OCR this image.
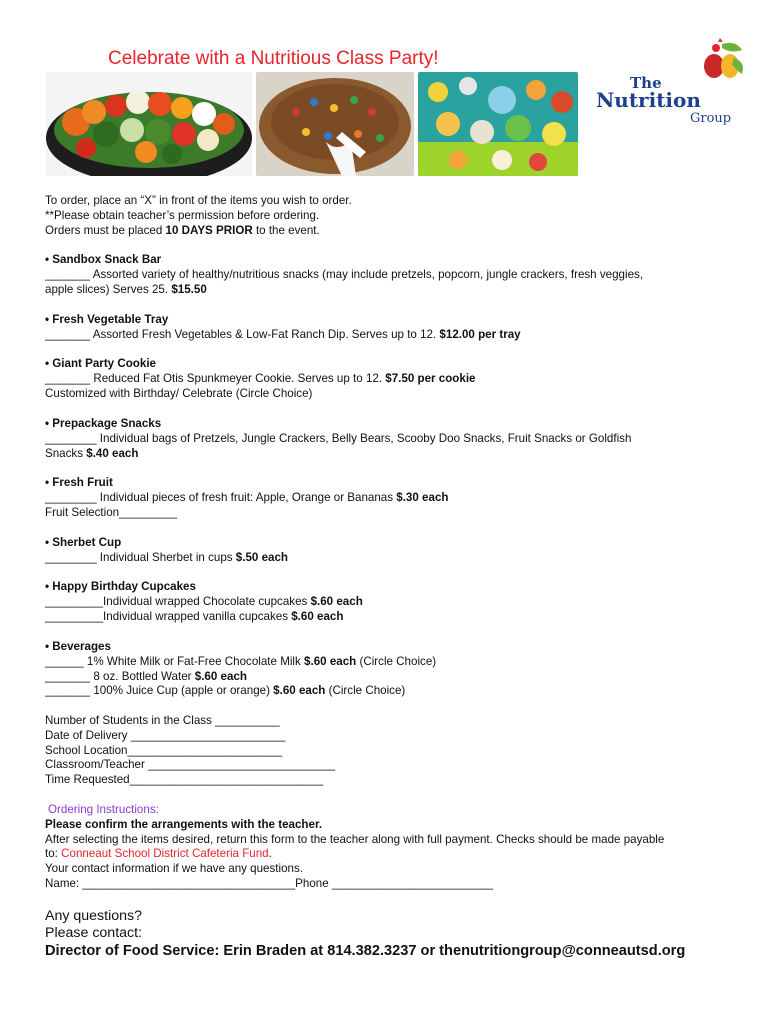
Celebrate with a Nutritious Class Party!
The
Nutrition
Group
To order, place an “X” in front of the items you wish to order.
**Please obtain teacher’s permission before ordering.
Orders must be placed 10 DAYS PRIOR to the event.
• Sandbox Snack Bar
_______ Assorted variety of healthy/nutritious snacks (may include pretzels, popcorn, jungle crackers, fresh veggies,
apple slices) Serves 25. $15.50
• Fresh Vegetable Tray
_______ Assorted Fresh Vegetables & Low-Fat Ranch Dip. Serves up to 12. $12.00 per tray
• Giant Party Cookie
_______ Reduced Fat Otis Spunkmeyer Cookie. Serves up to 12. $7.50 per cookie
Customized with Birthday/ Celebrate (Circle Choice)
• Prepackage Snacks
________ Individual bags of Pretzels, Jungle Crackers, Belly Bears, Scooby Doo Snacks, Fruit Snacks or Goldfish
Snacks $.40 each
• Fresh Fruit
________ Individual pieces of fresh fruit: Apple, Orange or Bananas $.30 each
Fruit Selection_________
• Sherbet Cup
________ Individual Sherbet in cups $.50 each
• Happy Birthday Cupcakes
_________Individual wrapped Chocolate cupcakes $.60 each
_________Individual wrapped vanilla cupcakes $.60 each
• Beverages
______ 1% White Milk or Fat-Free Chocolate Milk $.60 each (Circle Choice)
_______ 8 oz. Bottled Water $.60 each
_______ 100% Juice Cup (apple or orange) $.60 each (Circle Choice)
Number of Students in the Class __________
Date of Delivery ________________________
School Location________________________
Classroom/Teacher _____________________________
Time Requested______________________________
Ordering Instructions:
Please confirm the arrangements with the teacher.
After selecting the items desired, return this form to the teacher along with full payment. Checks should be made payable
to: Conneaut School District Cafeteria Fund.
Your contact information if we have any questions.
Name: _________________________________Phone _________________________
Any questions?
Please contact:
Director of Food Service: Erin Braden at 814.382.3237 or thenutritiongroup@conneautsd.org
